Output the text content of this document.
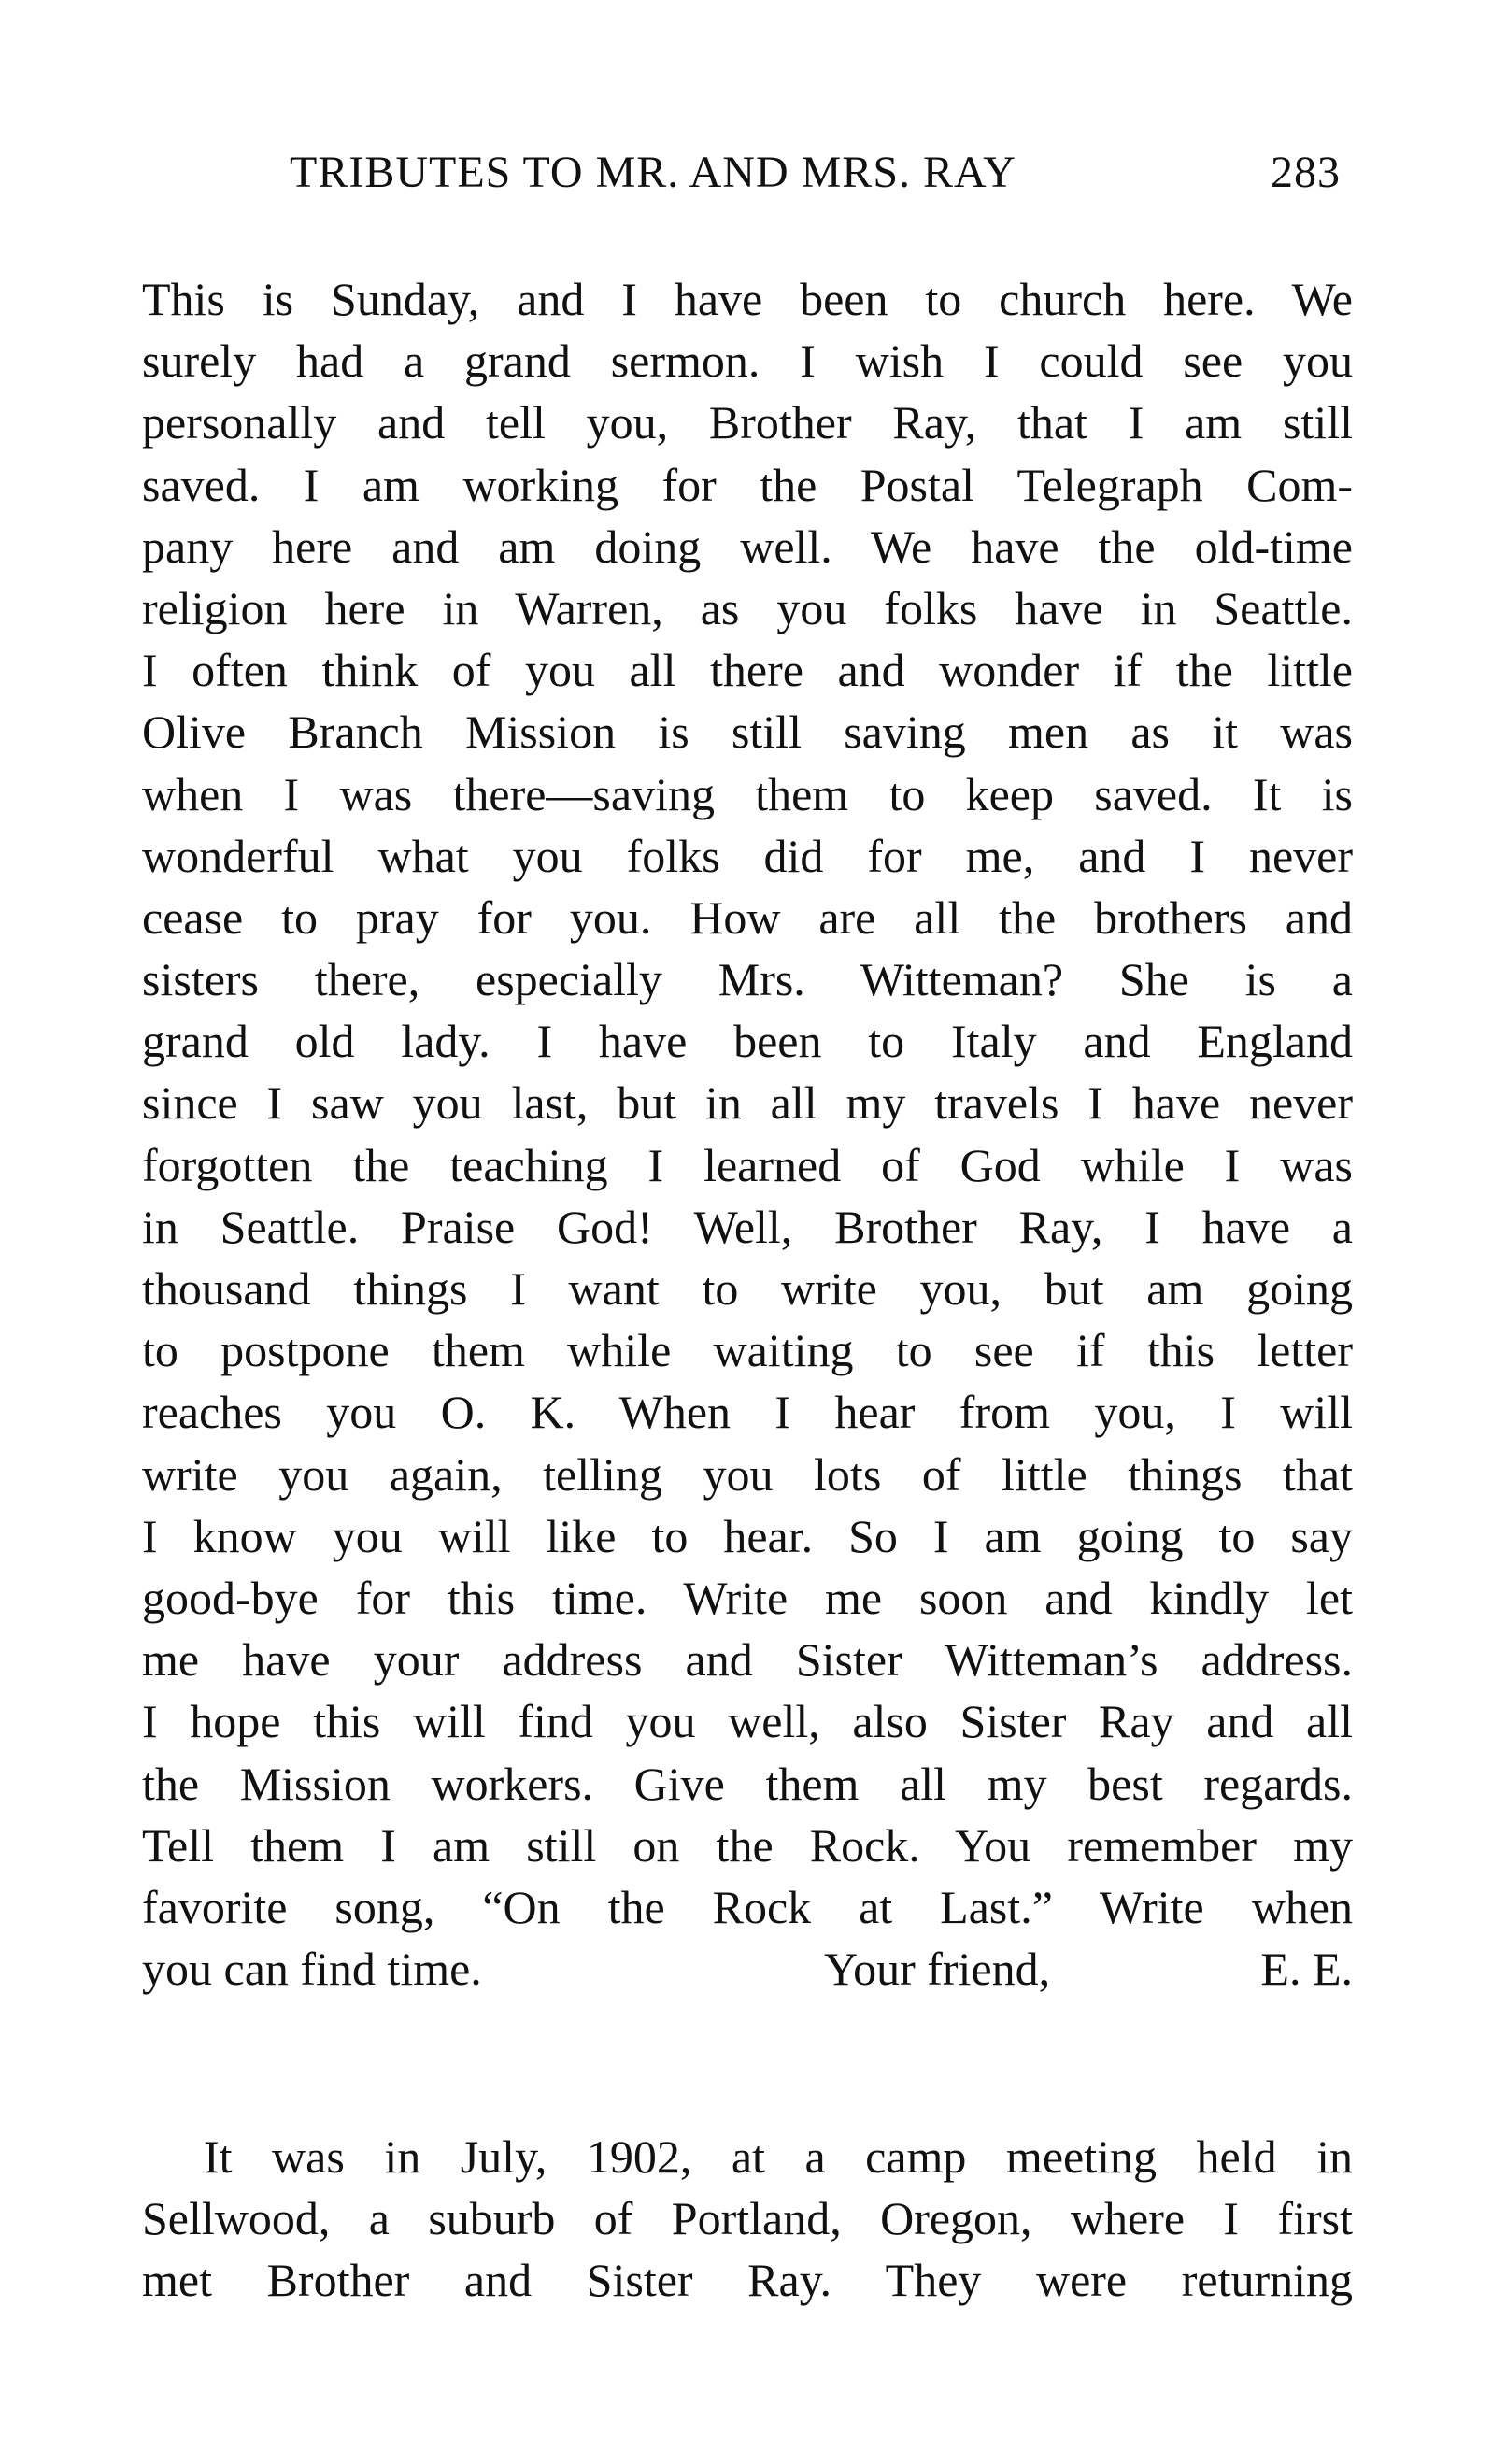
TRIBUTES TO MR. AND MRS. RAY	283
This is Sunday, and I have been to church here. We
surely had a grand sermon. I wish I could see you
personally and tell you, Brother Ray, that I am still
saved. I am working for the Postal Telegraph Com-
pany here and am doing well. We have the old-time
religion here in Warren, as you folks have in Seattle.
I often think of you all there and wonder if the little
Olive Branch Mission is still saving men as it was
when I was there—saving them to keep saved. It is
wonderful what you folks did for me, and I never
cease to pray for you. How are all the brothers and
sisters there, especially Mrs. Witteman? She is a
grand old lady. I have been to Italy and England
since I saw you last, but in all my travels I have never
forgotten the teaching I learned of God while I was
in Seattle. Praise God! Well, Brother Ray, I have a
thousand things I want to write you, but am going
to postpone them while waiting to see if this letter
reaches you O. K. When I hear from you, I will
write you again, telling you lots of little things that
I know you will like to hear. So I am going to say
good-bye for this time. Write me soon and kindly let
me have your address and Sister Witteman’s address.
I hope this will find you well, also Sister Ray and all
the Mission workers. Give them all my best regards.
Tell them I am still on the Rock. You remember my
favorite song, “On the Rock at Last.” Write when
you can find time.	Your friend,	E. E.
It was in July, 1902, at a camp meeting held in
Sellwood, a suburb of Portland, Oregon, where I first
met Brother and Sister Ray. They were returning
